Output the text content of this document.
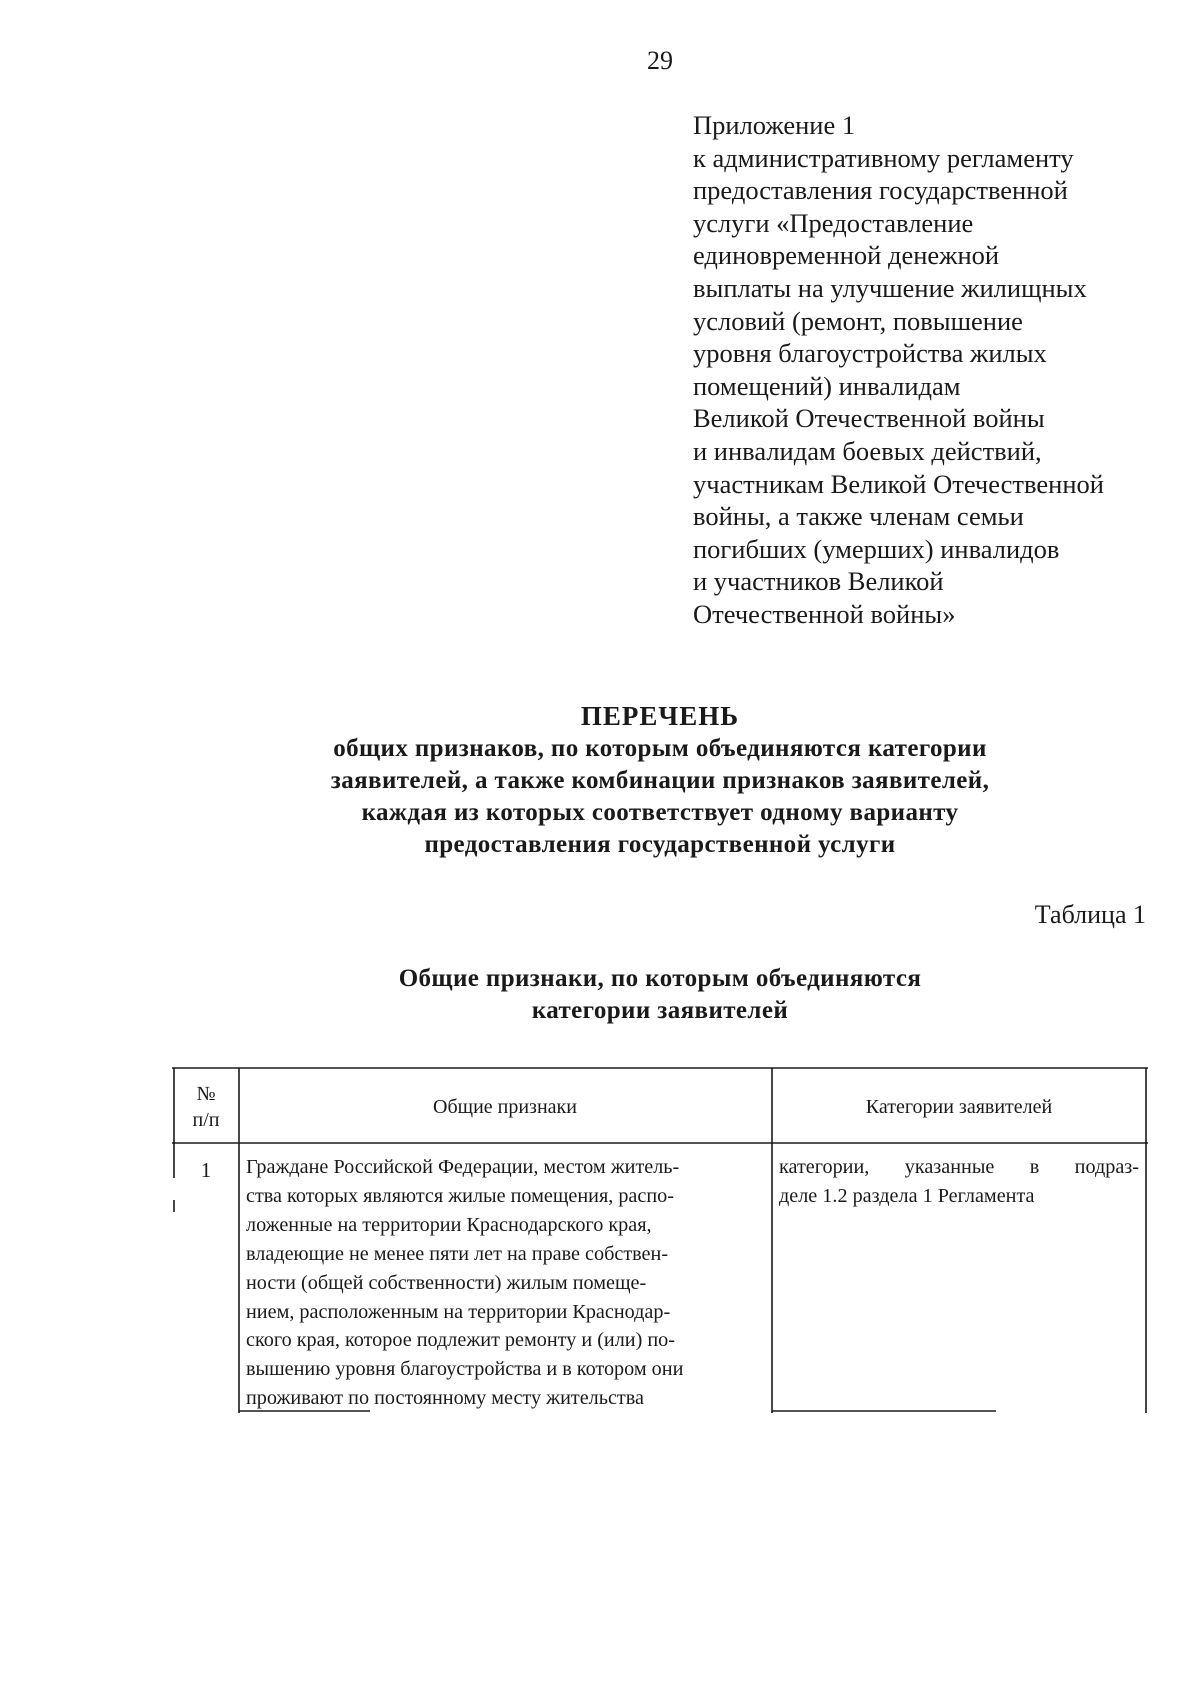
29
Приложение 1
к административному регламенту
предоставления государственной
услуги «Предоставление
единовременной денежной
выплаты на улучшение жилищных
условий (ремонт, повышение
уровня благоустройства жилых
помещений) инвалидам
Великой Отечественной войны
и инвалидам боевых действий,
участникам Великой Отечественной
войны, а также членам семьи
погибших (умерших) инвалидов
и участников Великой
Отечественной войны»
ПЕРЕЧЕНЬ
общих признаков, по которым объединяются категории
заявителей, а также комбинации признаков заявителей,
каждая из которых соответствует одному варианту
предоставления государственной услуги
Таблица 1
Общие признаки, по которым объединяются
категории заявителей
№ п/п
Общие признаки	Категории заявителей
1	Граждане Российской Федерации, местом житель-
ства которых являются жилые помещения, распо-
ложенные на территории Краснодарского края,
владеющие не менее пяти лет на праве собствен-
ности (общей собственности) жилым помеще-
нием, расположенным на территории Краснодар-
ского края, которое подлежит ремонту и (или) по-
вышению уровня благоустройства и в котором они
проживают по постоянному месту жительства
категории, указанные в подраз-
деле 1.2 раздела 1 Регламента
